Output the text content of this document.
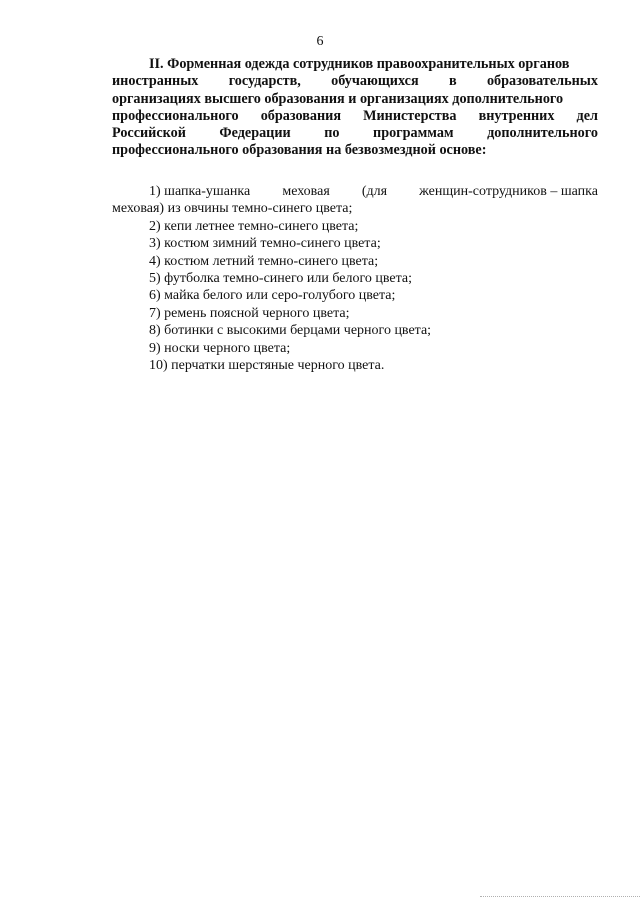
6
II. Форменная одежда сотрудников правоохранительных органов
иностранных государств, обучающихся в образовательных
организациях высшего образования и организациях дополнительного
профессионального образования Министерства внутренних дел
Российской Федерации по программам дополнительного
профессионального образования на безвозмездной основе:
1) шапка-ушанка меховая (для женщин-сотрудников – шапка
меховая) из овчины темно-синего цвета;
2) кепи летнее темно-синего цвета;
3) костюм зимний темно-синего цвета;
4) костюм летний темно-синего цвета;
5) футболка темно-синего или белого цвета;
6) майка белого или серо-голубого цвета;
7) ремень поясной черного цвета;
8) ботинки с высокими берцами черного цвета;
9) носки черного цвета;
10) перчатки шерстяные черного цвета.
